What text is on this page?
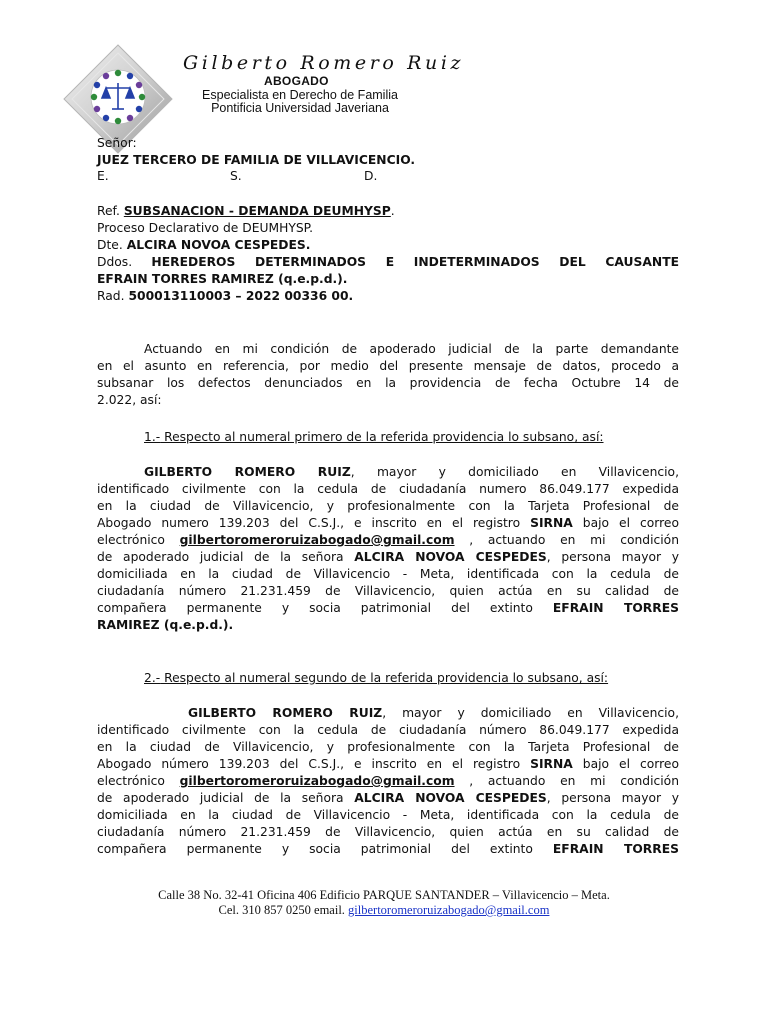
Gilberto Romero Ruiz
ABOGADO
Especialista en Derecho de Familia
Pontificia Universidad Javeriana
Señor:
JUEZ TERCERO DE FAMILIA DE VILLAVICENCIO.
E.	S.	D.
Ref. SUBSANACION - DEMANDA DEUMHYSP.
Proceso Declarativo de DEUMHYSP.
Dte. ALCIRA NOVOA CESPEDES.
Ddos. HEREDEROS DETERMINADOS E INDETERMINADOS DEL CAUSANTE
EFRAIN TORRES RAMIREZ (q.e.p.d.).
Rad. 500013110003 – 2022 00336 00.
Actuando en mi condición de apoderado judicial de la parte demandante
en el asunto en referencia, por medio del presente mensaje de datos, procedo a
subsanar los defectos denunciados en la providencia de fecha Octubre 14 de
2.022, así:
1.- Respecto al numeral primero de la referida providencia lo subsano, así:
GILBERTO ROMERO RUIZ, mayor y domiciliado en Villavicencio,
identificado civilmente con la cedula de ciudadanía numero 86.049.177 expedida
en la ciudad de Villavicencio, y profesionalmente con la Tarjeta Profesional de
Abogado numero 139.203 del C.S.J., e inscrito en el registro SIRNA bajo el correo
electrónico gilbertoromeroruizabogado@gmail.com , actuando en mi condición
de apoderado judicial de la señora ALCIRA NOVOA CESPEDES, persona mayor y
domiciliada en la ciudad de Villavicencio - Meta, identificada con la cedula de
ciudadanía número 21.231.459 de Villavicencio, quien actúa en su calidad de
compañera permanente y socia patrimonial del extinto EFRAIN TORRES
RAMIREZ (q.e.p.d.).
2.- Respecto al numeral segundo de la referida providencia lo subsano, así:
GILBERTO ROMERO RUIZ, mayor y domiciliado en Villavicencio,
identificado civilmente con la cedula de ciudadanía número 86.049.177 expedida
en la ciudad de Villavicencio, y profesionalmente con la Tarjeta Profesional de
Abogado número 139.203 del C.S.J., e inscrito en el registro SIRNA bajo el correo
electrónico gilbertoromeroruizabogado@gmail.com , actuando en mi condición
de apoderado judicial de la señora ALCIRA NOVOA CESPEDES, persona mayor y
domiciliada en la ciudad de Villavicencio - Meta, identificada con la cedula de
ciudadanía número 21.231.459 de Villavicencio, quien actúa en su calidad de
compañera permanente y socia patrimonial del extinto EFRAIN TORRES
Calle 38 No. 32-41 Oficina 406 Edificio PARQUE SANTANDER – Villavicencio – Meta.
Cel. 310 857 0250 email. gilbertoromeroruizabogado@gmail.com
